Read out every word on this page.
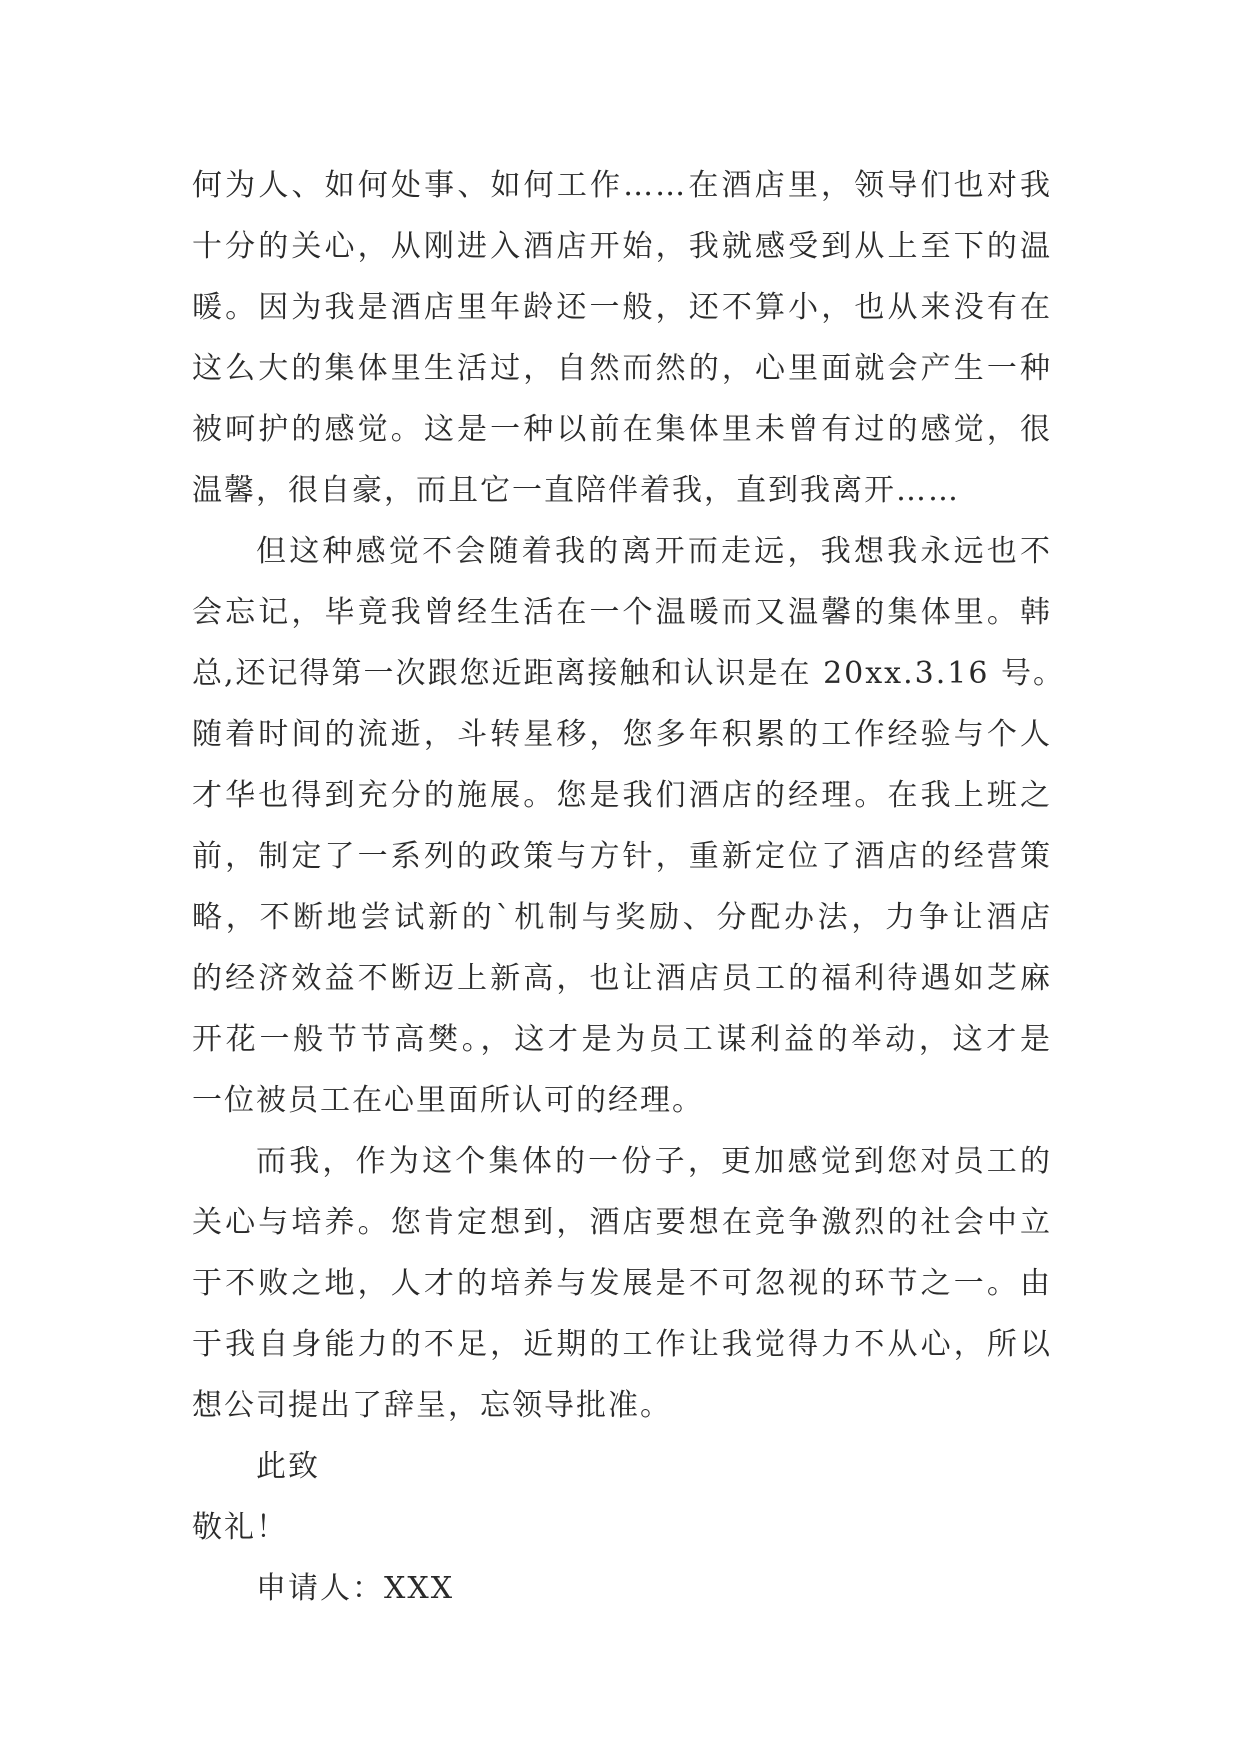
何为人、如何处事、如何工作……在酒店里，领导们也对我
十分的关心，从刚进入酒店开始，我就感受到从上至下的温
暖。因为我是酒店里年龄还一般，还不算小，也从来没有在
这么大的集体里生活过，自然而然的，心里面就会产生一种
被呵护的感觉。这是一种以前在集体里未曾有过的感觉，很
温馨，很自豪，而且它一直陪伴着我，直到我离开……
但这种感觉不会随着我的离开而走远，我想我永远也不
会忘记，毕竟我曾经生活在一个温暖而又温馨的集体里。韩
总,还记得第一次跟您近距离接触和认识是在 20xx.3.16 号。
随着时间的流逝，斗转星移，您多年积累的工作经验与个人
才华也得到充分的施展。您是我们酒店的经理。在我上班之
前，制定了一系列的政策与方针，重新定位了酒店的经营策
略，不断地尝试新的`机制与奖励、分配办法，力争让酒店
的经济效益不断迈上新高，也让酒店员工的福利待遇如芝麻
开花一般节节高樊。，这才是为员工谋利益的举动，这才是
一位被员工在心里面所认可的经理。
而我，作为这个集体的一份子，更加感觉到您对员工的
关心与培养。您肯定想到，酒店要想在竞争激烈的社会中立
于不败之地，人才的培养与发展是不可忽视的环节之一。由
于我自身能力的不足，近期的工作让我觉得力不从心，所以
想公司提出了辞呈，忘领导批准。
此致
敬礼！
申请人：XXX
